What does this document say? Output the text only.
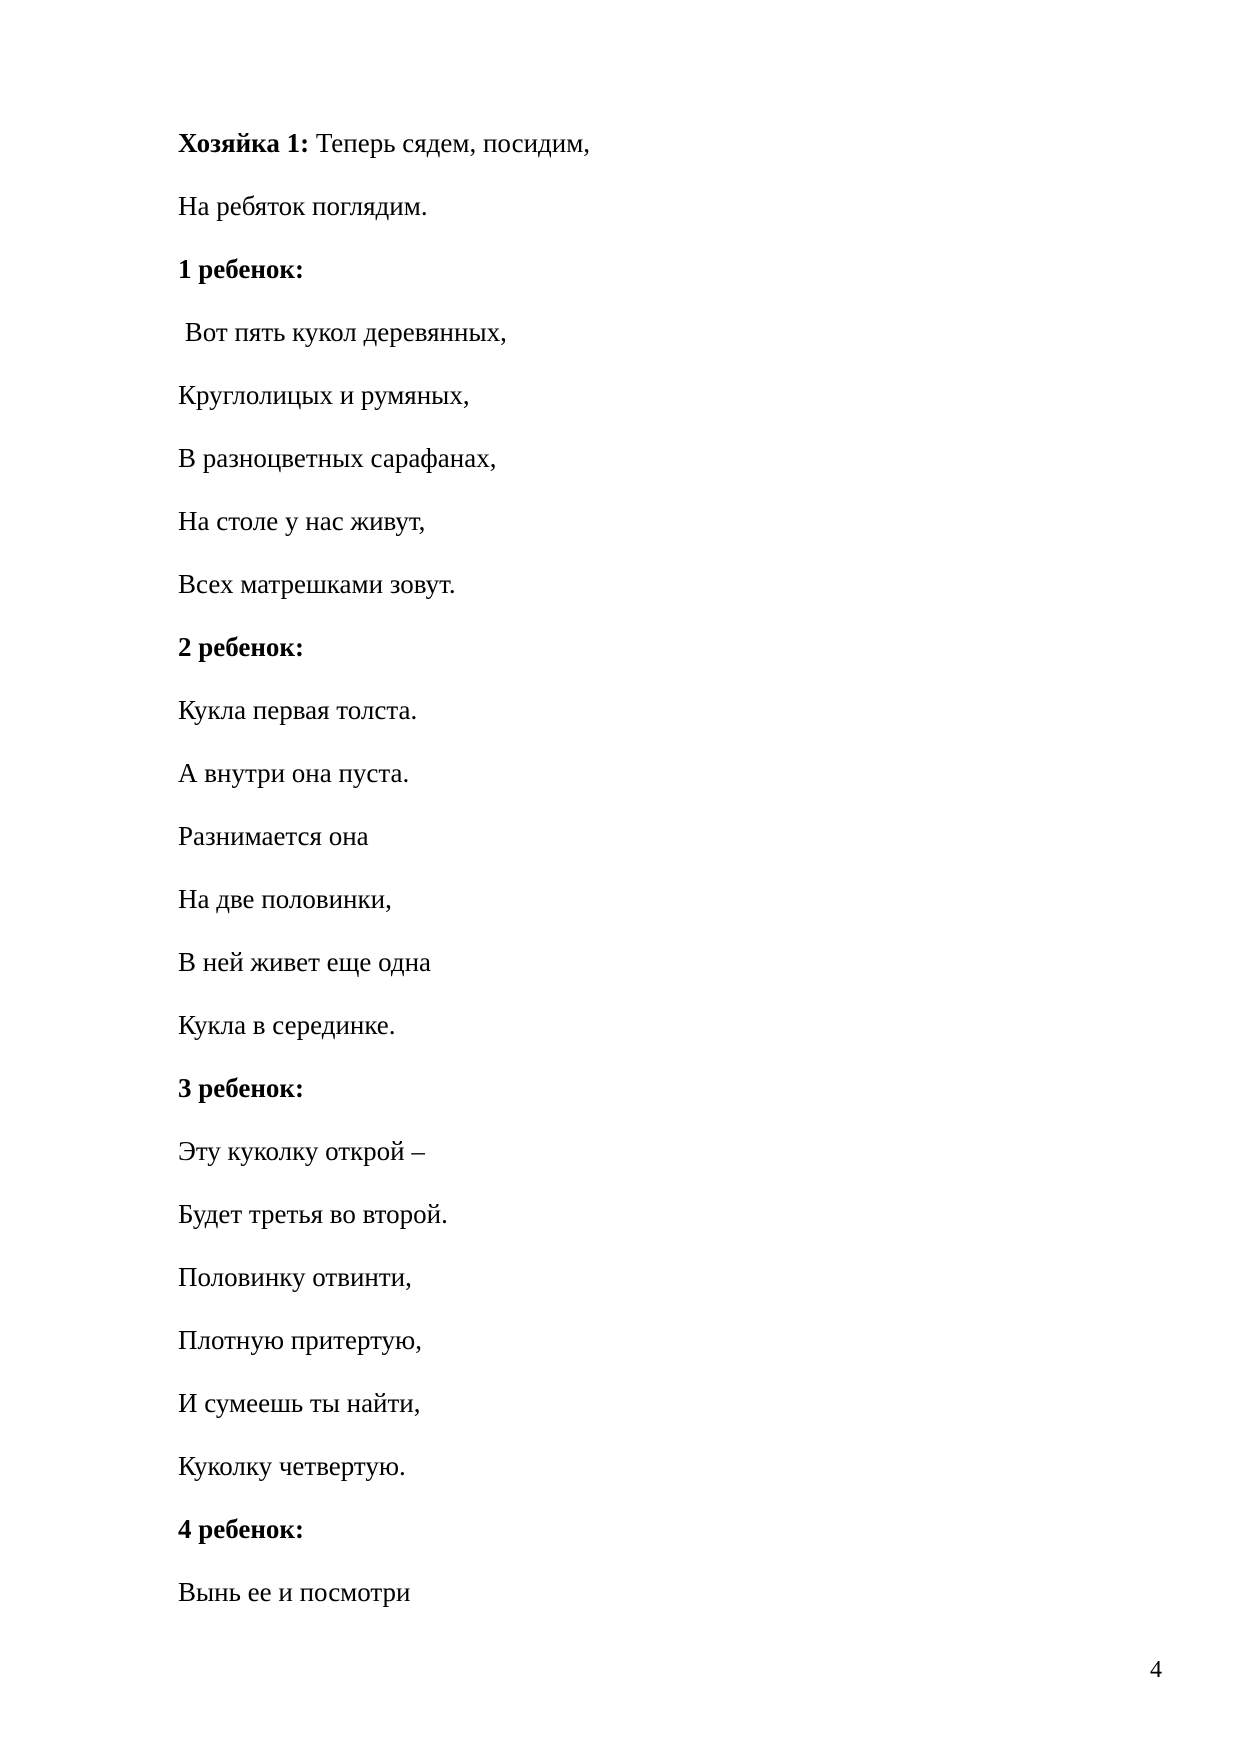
Хозяйка 1: Теперь сядем, посидим,

На ребяток поглядим.

1 ребенок:

Вот пять кукол деревянных,

Круглолицых и румяных,

В разноцветных сарафанах,

На столе у нас живут,

Всех матрешками зовут.

2 ребенок:

Кукла первая толста.

А внутри она пуста.

Разнимается она

На две половинки,

В ней живет еще одна

Кукла в серединке.

3 ребенок:

Эту куколку открой –

Будет третья во второй.

Половинку отвинти,

Плотную притертую,

И сумеешь ты найти,

Куколку четвертую.

4 ребенок:

Вынь ее и посмотри

4
